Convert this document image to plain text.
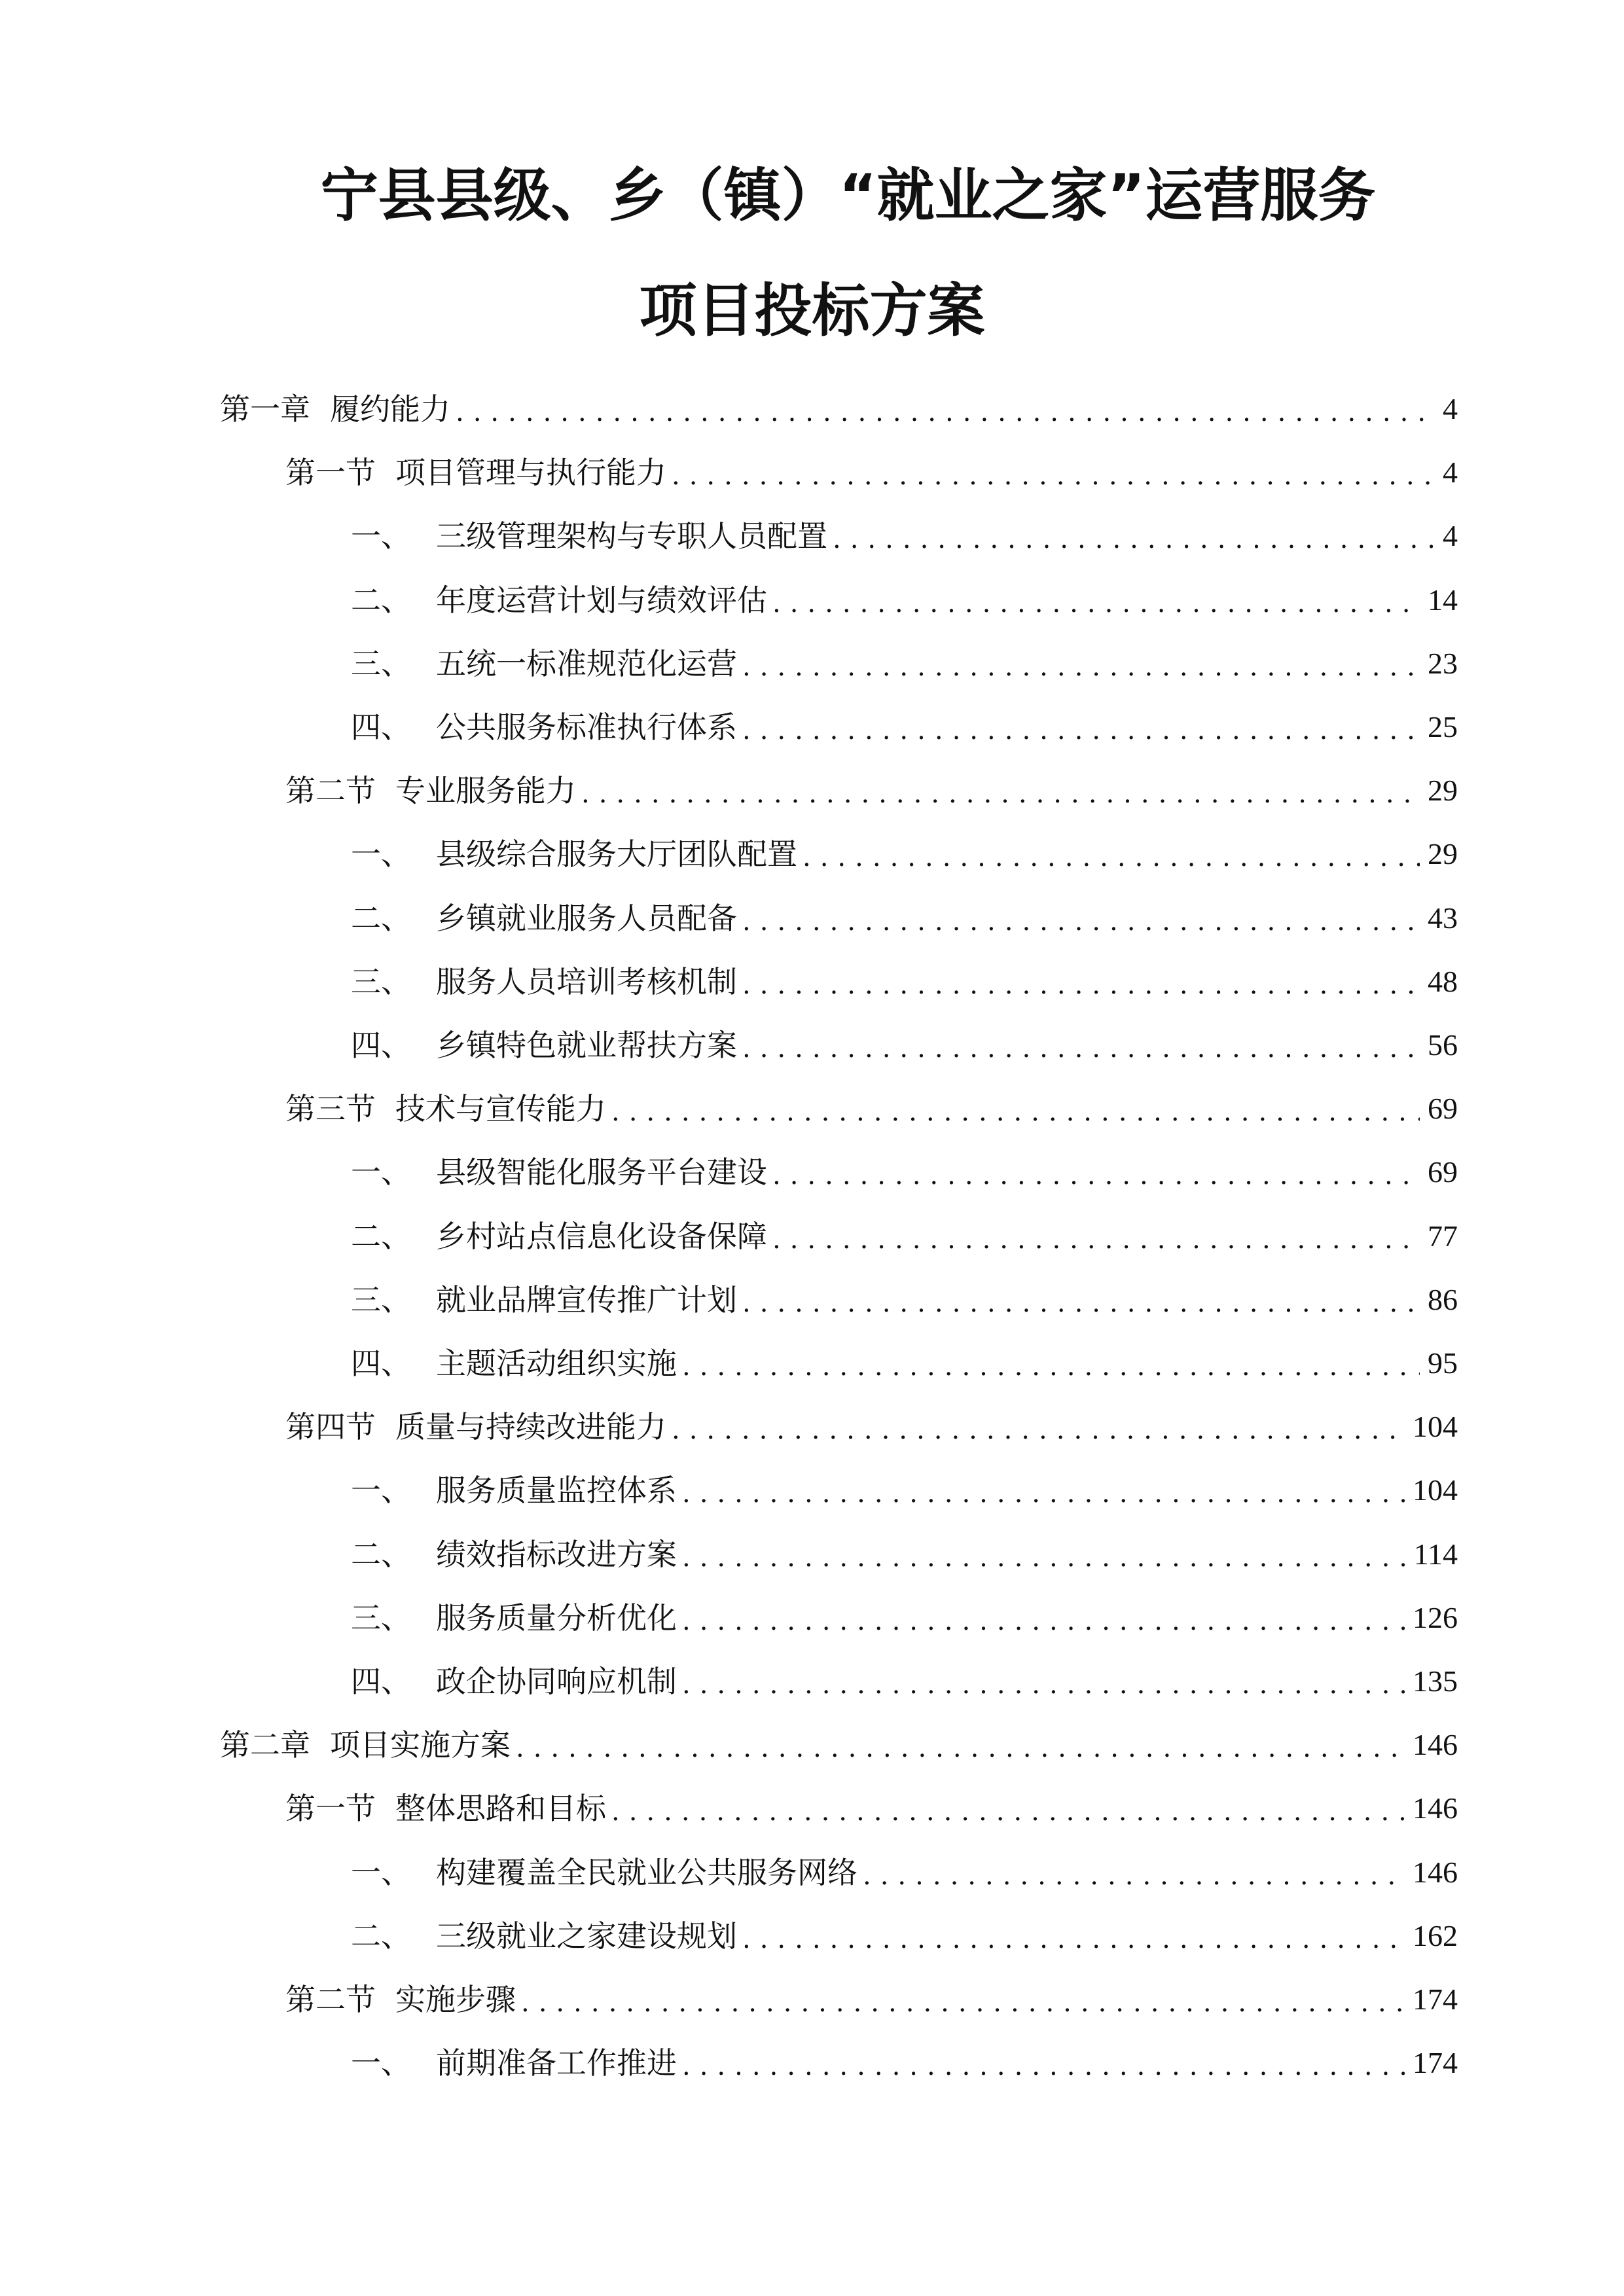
宁县县级、乡（镇）“就业之家”运营服务
项目投标方案
第一章 履约能力 .....	4
第一节 项目管理与执行能力 .....	4
一、 三级管理架构与专职人员配置 .....	4
二、 年度运营计划与绩效评估 .....	14
三、 五统一标准规范化运营 .....	23
四、 公共服务标准执行体系 .....	25
第二节 专业服务能力 .....	29
一、 县级综合服务大厅团队配置 .....	29
二、 乡镇就业服务人员配备 .....	43
三、 服务人员培训考核机制 .....	48
四、 乡镇特色就业帮扶方案 .....	56
第三节 技术与宣传能力 .....	69
一、 县级智能化服务平台建设 .....	69
二、 乡村站点信息化设备保障 .....	77
三、 就业品牌宣传推广计划 .....	86
四、 主题活动组织实施 .....	95
第四节 质量与持续改进能力 .....	104
一、 服务质量监控体系 .....	104
二、 绩效指标改进方案 .....	114
三、 服务质量分析优化 .....	126
四、 政企协同响应机制 .....	135
第二章 项目实施方案 .....	146
第一节 整体思路和目标 .....	146
一、 构建覆盖全民就业公共服务网络 .....	146
二、 三级就业之家建设规划 .....	162
第二节 实施步骤 .....	174
一、 前期准备工作推进 .....	174
